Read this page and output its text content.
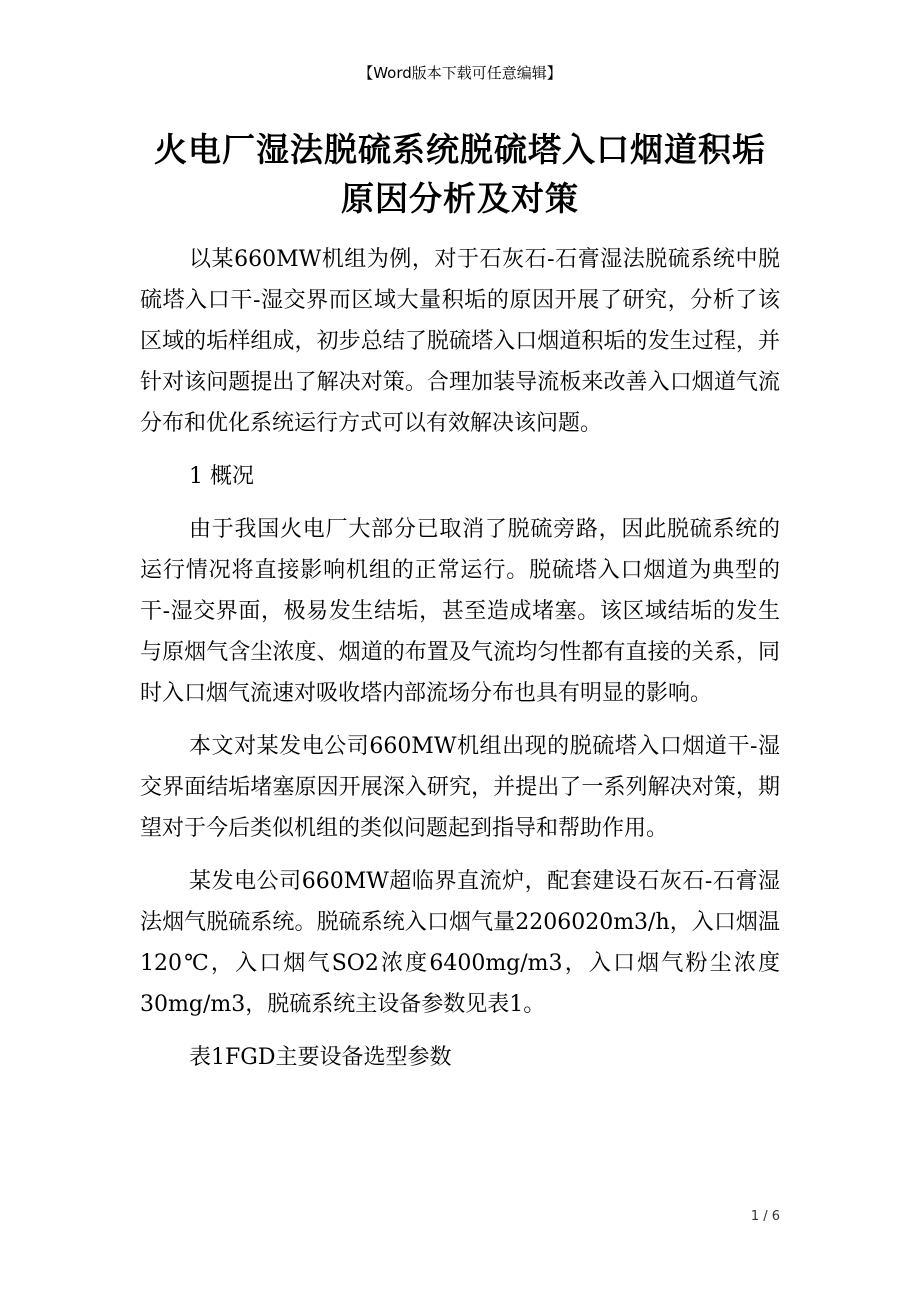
【Word版本下载可任意编辑】
火电厂湿法脱硫系统脱硫塔入口烟道积垢
原因分析及对策

以某660MW机组为例，对于石灰石-石膏湿法脱硫系统中脱硫塔入口干-湿交界而区域大量积垢的原因开展了研究，分析了该区域的垢样组成，初步总结了脱硫塔入口烟道积垢的发生过程，并针对该问题提出了解决对策。合理加装导流板来改善入口烟道气流分布和优化系统运行方式可以有效解决该问题。

1 概况

由于我国火电厂大部分已取消了脱硫旁路，因此脱硫系统的运行情况将直接影响机组的正常运行。脱硫塔入口烟道为典型的干-湿交界面，极易发生结垢，甚至造成堵塞。该区域结垢的发生与原烟气含尘浓度、烟道的布置及气流均匀性都有直接的关系，同时入口烟气流速对吸收塔内部流场分布也具有明显的影响。

本文对某发电公司660MW机组出现的脱硫塔入口烟道干-湿交界面结垢堵塞原因开展深入研究，并提出了一系列解决对策，期望对于今后类似机组的类似问题起到指导和帮助作用。

某发电公司660MW超临界直流炉，配套建设石灰石-石膏湿法烟气脱硫系统。脱硫系统入口烟气量2206020m3/h，入口烟温120℃，入口烟气SO2浓度6400mg/m3，入口烟气粉尘浓度30mg/m3，脱硫系统主设备参数见表1。

表1FGD主要设备选型参数

1 / 6
